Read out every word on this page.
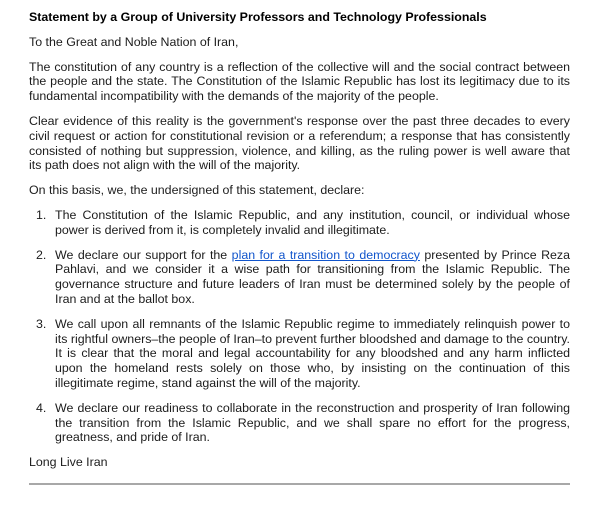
Statement by a Group of University Professors and Technology Professionals

To the Great and Noble Nation of Iran,

The constitution of any country is a reflection of the collective will and the social contract between the people and the state. The Constitution of the Islamic Republic has lost its legitimacy due to its fundamental incompatibility with the demands of the majority of the people.

Clear evidence of this reality is the government's response over the past three decades to every civil request or action for constitutional revision or a referendum; a response that has consistently consisted of nothing but suppression, violence, and killing, as the ruling power is well aware that its path does not align with the will of the majority.

On this basis, we, the undersigned of this statement, declare:

1. The Constitution of the Islamic Republic, and any institution, council, or individual whose power is derived from it, is completely invalid and illegitimate.
2. We declare our support for the plan for a transition to democracy presented by Prince Reza Pahlavi, and we consider it a wise path for transitioning from the Islamic Republic. The governance structure and future leaders of Iran must be determined solely by the people of Iran and at the ballot box.
3. We call upon all remnants of the Islamic Republic regime to immediately relinquish power to its rightful owners–the people of Iran–to prevent further bloodshed and damage to the country. It is clear that the moral and legal accountability for any bloodshed and any harm inflicted upon the homeland rests solely on those who, by insisting on the continuation of this illegitimate regime, stand against the will of the majority.
4. We declare our readiness to collaborate in the reconstruction and prosperity of Iran following the transition from the Islamic Republic, and we shall spare no effort for the progress, greatness, and pride of Iran.

Long Live Iran
